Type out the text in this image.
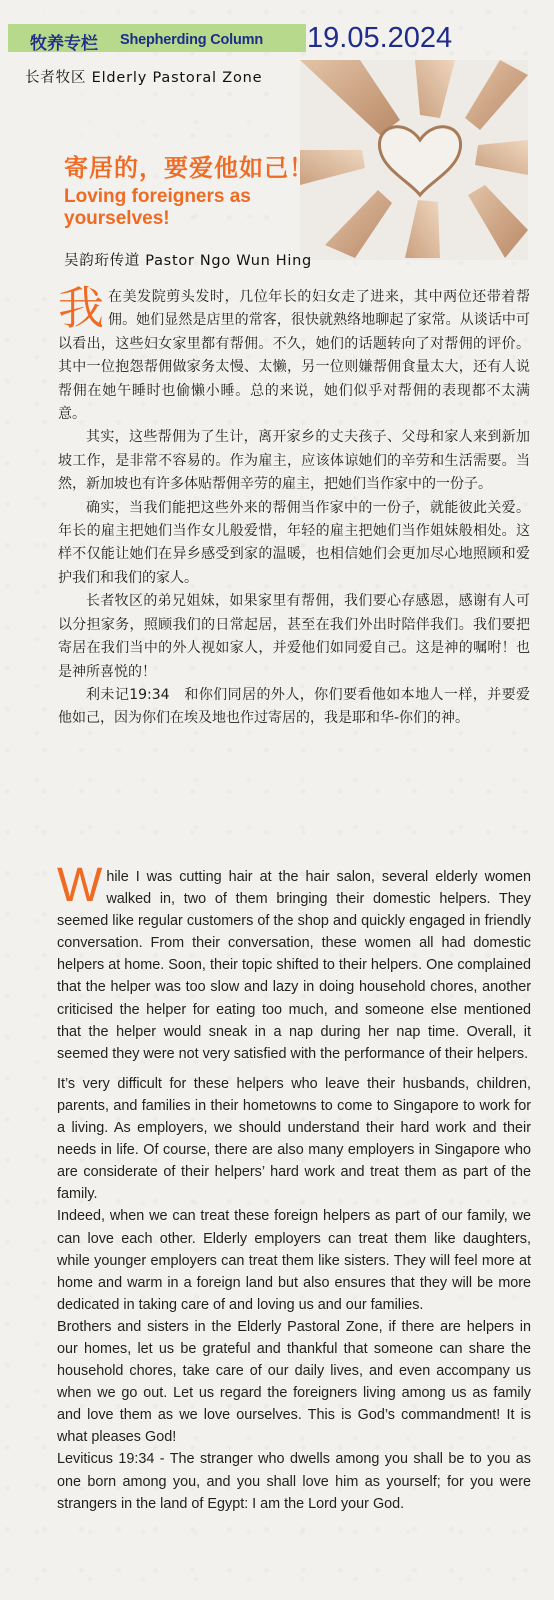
牧养专栏 Shepherding Column 19.05.2024
长者牧区 Elderly Pastoral Zone
寄居的，要爱他如己！
Loving foreigners as yourselves!
吴韵珩传道 Pastor Ngo Wun Hing

我在美发院剪头发时，几位年长的妇女走了进来，其中两位还带着帮佣。她们显然是店里的常客，很快就熟络地聊起了家常。从谈话中可以看出，这些妇女家里都有帮佣。不久，她们的话题转向了对帮佣的评价。其中一位抱怨帮佣做家务太慢、太懒，另一位则嫌帮佣食量太大，还有人说帮佣在她午睡时也偷懒小睡。总的来说，她们似乎对帮佣的表现都不太满意。

其实，这些帮佣为了生计，离开家乡的丈夫孩子、父母和家人来到新加坡工作，是非常不容易的。作为雇主，应该体谅她们的辛劳和生活需要。当然，新加坡也有许多体贴帮佣辛劳的雇主，把她们当作家中的一份子。

确实，当我们能把这些外来的帮佣当作家中的一份子，就能彼此关爱。年长的雇主把她们当作女儿般爱惜，年轻的雇主把她们当作姐妹般相处。这样不仅能让她们在异乡感受到家的温暖，也相信她们会更加尽心地照顾和爱护我们和我们的家人。

长者牧区的弟兄姐妹，如果家里有帮佣，我们要心存感恩，感谢有人可以分担家务，照顾我们的日常起居，甚至在我们外出时陪伴我们。我们要把寄居在我们当中的外人视如家人，并爱他们如同爱自己。这是神的嘱咐！也是神所喜悦的！

利未记19:34　和你们同居的外人，你们要看他如本地人一样，并要爱他如己，因为你们在埃及地也作过寄居的，我是耶和华-你们的神。

While I was cutting hair at the hair salon, several elderly women walked in, two of them bringing their domestic helpers. They seemed like regular customers of the shop and quickly engaged in friendly conversation. From their conversation, these women all had domestic helpers at home. Soon, their topic shifted to their helpers. One complained that the helper was too slow and lazy in doing household chores, another criticised the helper for eating too much, and someone else mentioned that the helper would sneak in a nap during her nap time. Overall, it seemed they were not very satisfied with the performance of their helpers.

It’s very difficult for these helpers who leave their husbands, children, parents, and families in their hometowns to come to Singapore to work for a living. As employers, we should understand their hard work and their needs in life. Of course, there are also many employers in Singapore who are considerate of their helpers’ hard work and treat them as part of the family.

Indeed, when we can treat these foreign helpers as part of our family, we can love each other. Elderly employers can treat them like daughters, while younger employers can treat them like sisters. They will feel more at home and warm in a foreign land but also ensures that they will be more dedicated in taking care of and loving us and our families.

Brothers and sisters in the Elderly Pastoral Zone, if there are helpers in our homes, let us be grateful and thankful that someone can share the household chores, take care of our daily lives, and even accompany us when we go out. Let us regard the foreigners living among us as family and love them as we love ourselves. This is God’s commandment! It is what pleases God!

Leviticus 19:34 - The stranger who dwells among you shall be to you as one born among you, and you shall love him as yourself; for you were strangers in the land of Egypt: I am the Lord your God.
